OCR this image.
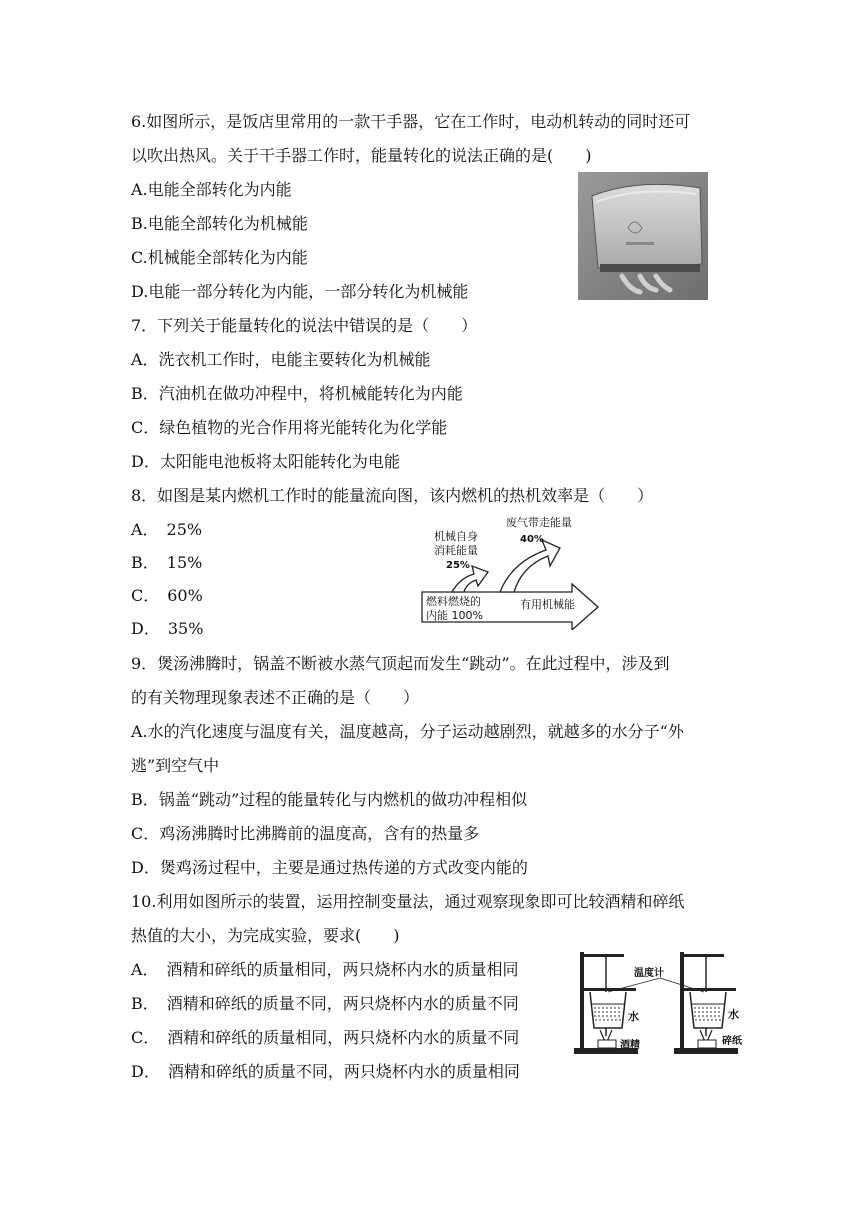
6.如图所示，是饭店里常用的一款干手器，它在工作时，电动机转动的同时还可
以吹出热风。关于干手器工作时，能量转化的说法正确的是(　　)
A.电能全部转化为内能
B.电能全部转化为机械能
C.机械能全部转化为内能
D.电能一部分转化为内能，一部分转化为机械能
7．下列关于能量转化的说法中错误的是（　　）
A．洗衣机工作时，电能主要转化为机械能
B．汽油机在做功冲程中，将机械能转化为内能
C．绿色植物的光合作用将光能转化为化学能
D．太阳能电池板将太阳能转化为电能
8．如图是某内燃机工作时的能量流向图，该内燃机的热机效率是（　　）
A．　25%
B．　15%
C．　60%
D．　35%
机械自身
消耗能量
25%
废气带走能量
40%
燃料燃烧的
内能 100%
有用机械能
9．煲汤沸腾时，锅盖不断被水蒸气顶起而发生“跳动”。在此过程中，涉及到
的有关物理现象表述不正确的是（　　）
A.水的汽化速度与温度有关，温度越高，分子运动越剧烈，就越多的水分子“外
逃”到空气中
B．锅盖“跳动”过程的能量转化与内燃机的做功冲程相似
C．鸡汤沸腾时比沸腾前的温度高，含有的热量多
D．煲鸡汤过程中，主要是通过热传递的方式改变内能的
10.利用如图所示的装置，运用控制变量法，通过观察现象即可比较酒精和碎纸
热值的大小，为完成实验，要求(　　)
A．　酒精和碎纸的质量相同，两只烧杯内水的质量相同
B．　酒精和碎纸的质量不同，两只烧杯内水的质量不同
C．　酒精和碎纸的质量相同，两只烧杯内水的质量不同
D．　酒精和碎纸的质量不同，两只烧杯内水的质量相同
温度计
水	水
酒精	碎纸
